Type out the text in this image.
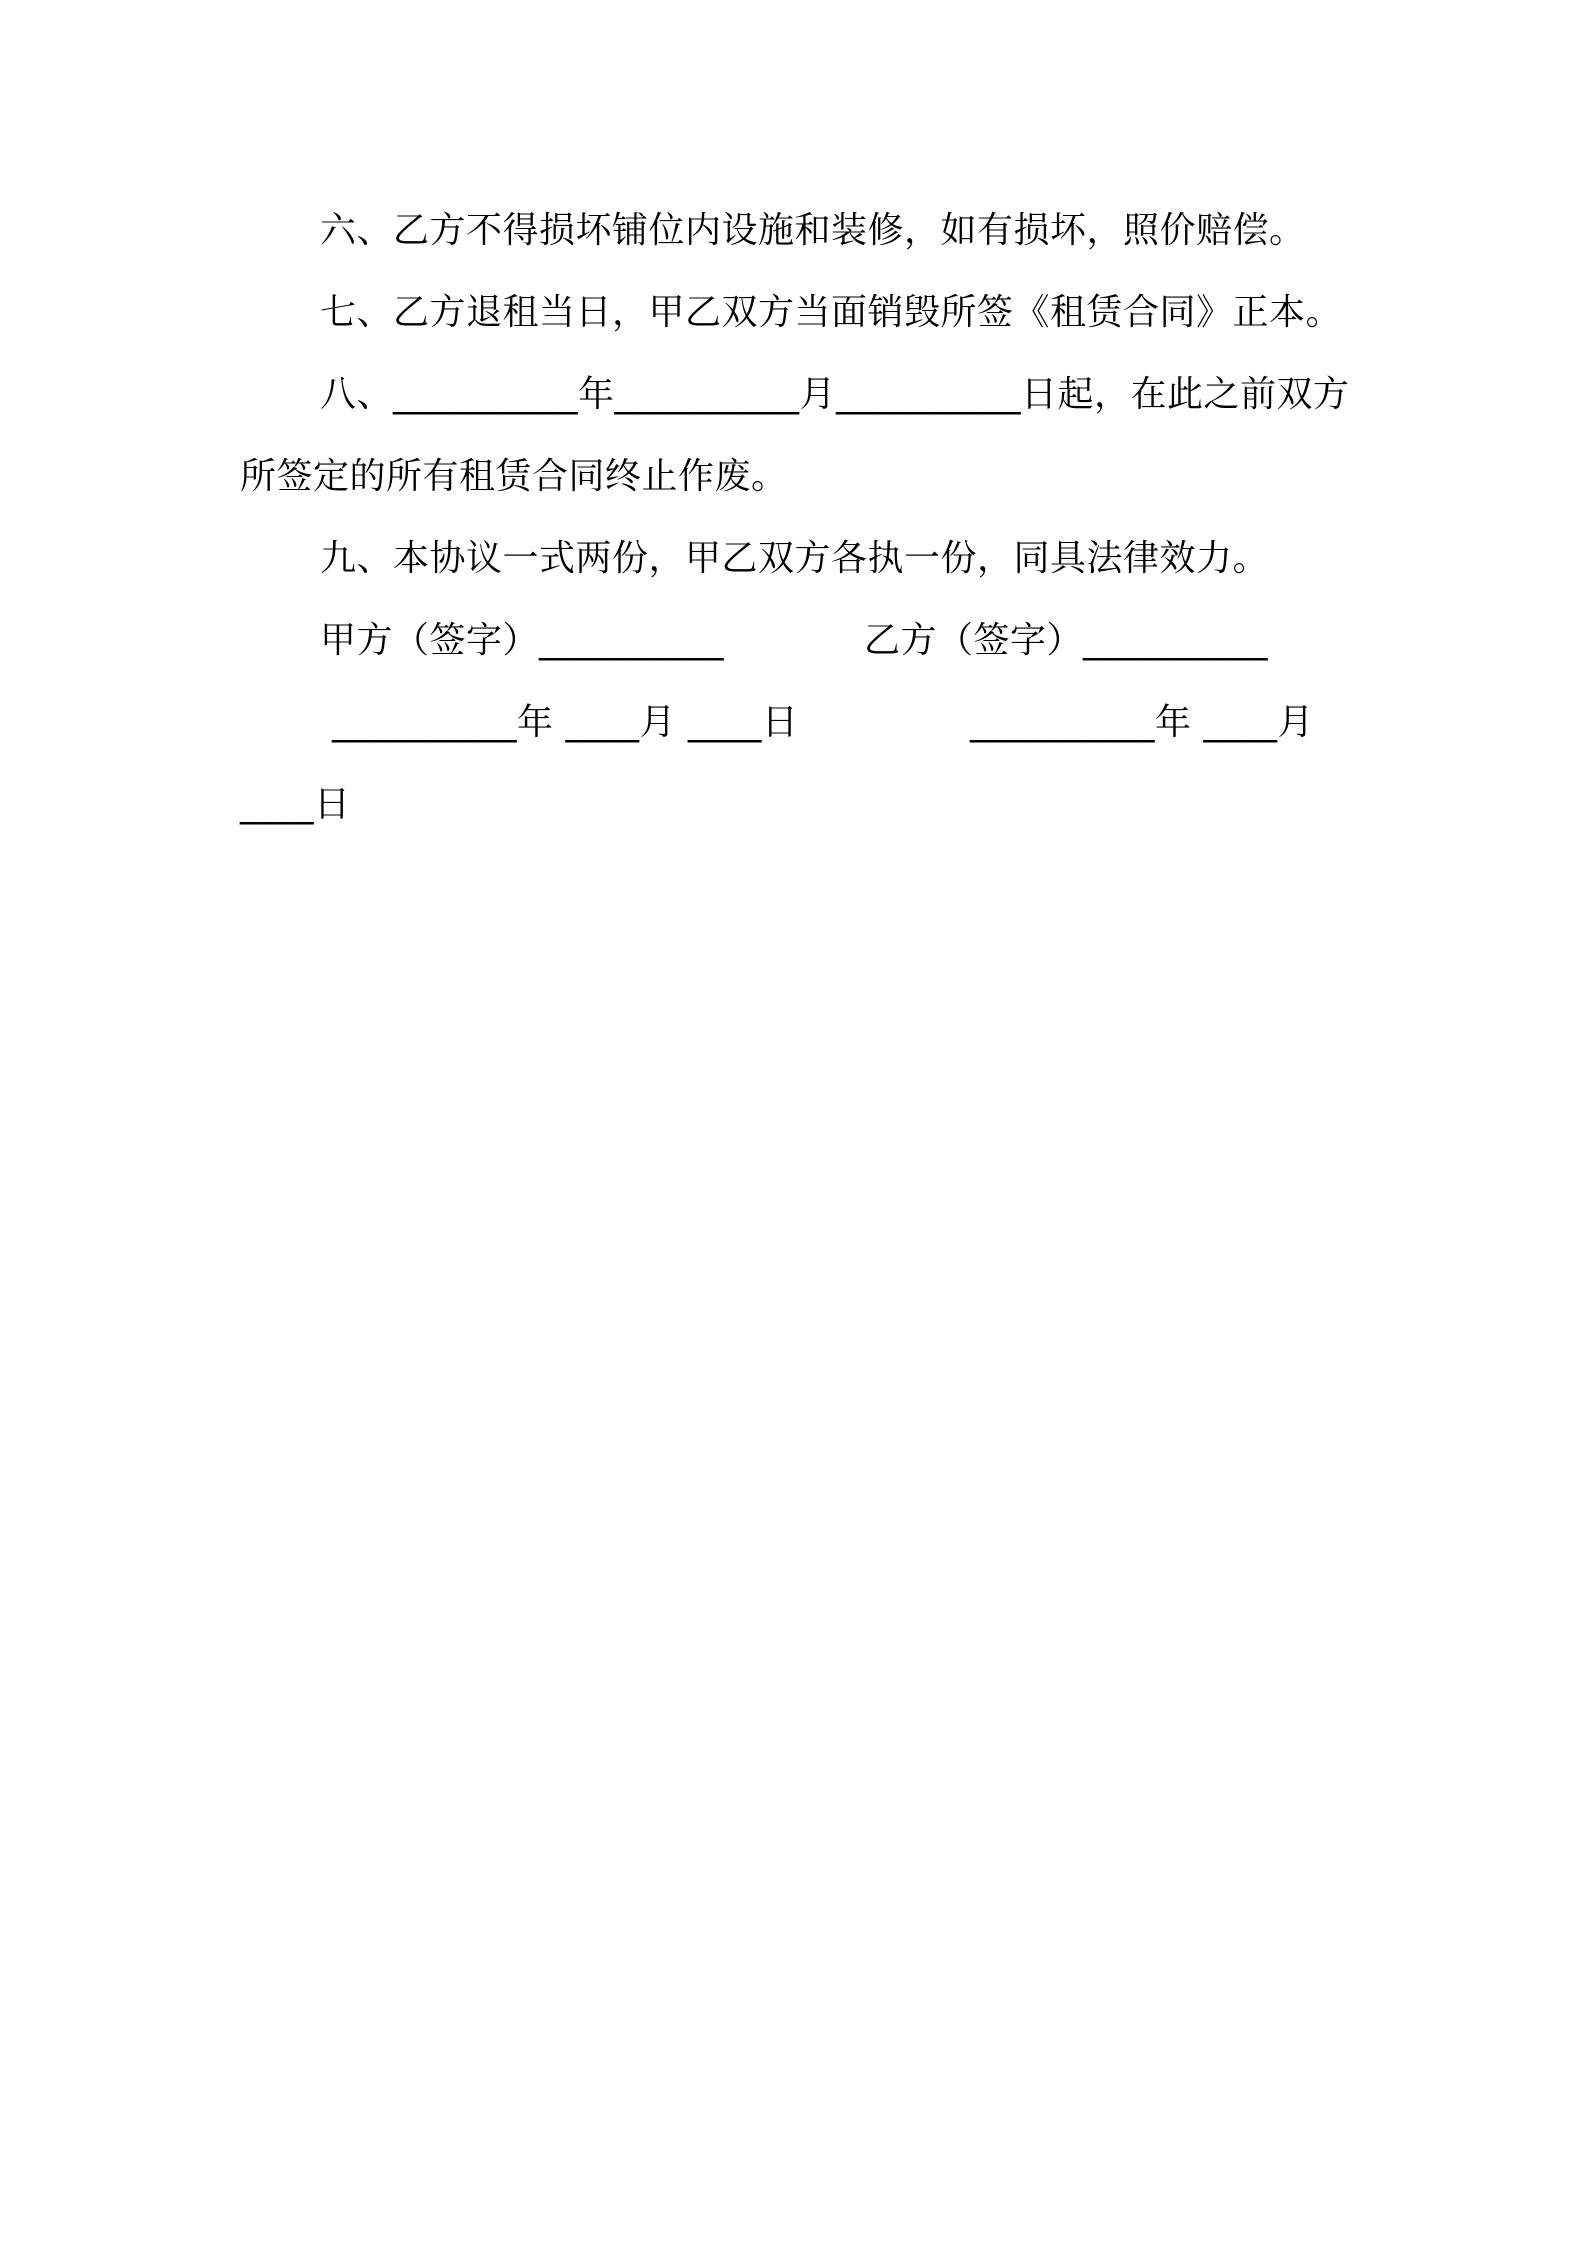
六、乙方不得损坏铺位内设施和装修，如有损坏，照价赔偿。

七、乙方退租当日，甲乙双方当面销毁所签《租赁合同》正本。

八、__________年__________月__________日起，在此之前双方所签定的所有租赁合同终止作废。

九、本协议一式两份，甲乙双方各执一份，同具法律效力。

甲方（签字）__________	乙方（签字）__________
__________年 ____月 ____日	__________年 ____月

____日
